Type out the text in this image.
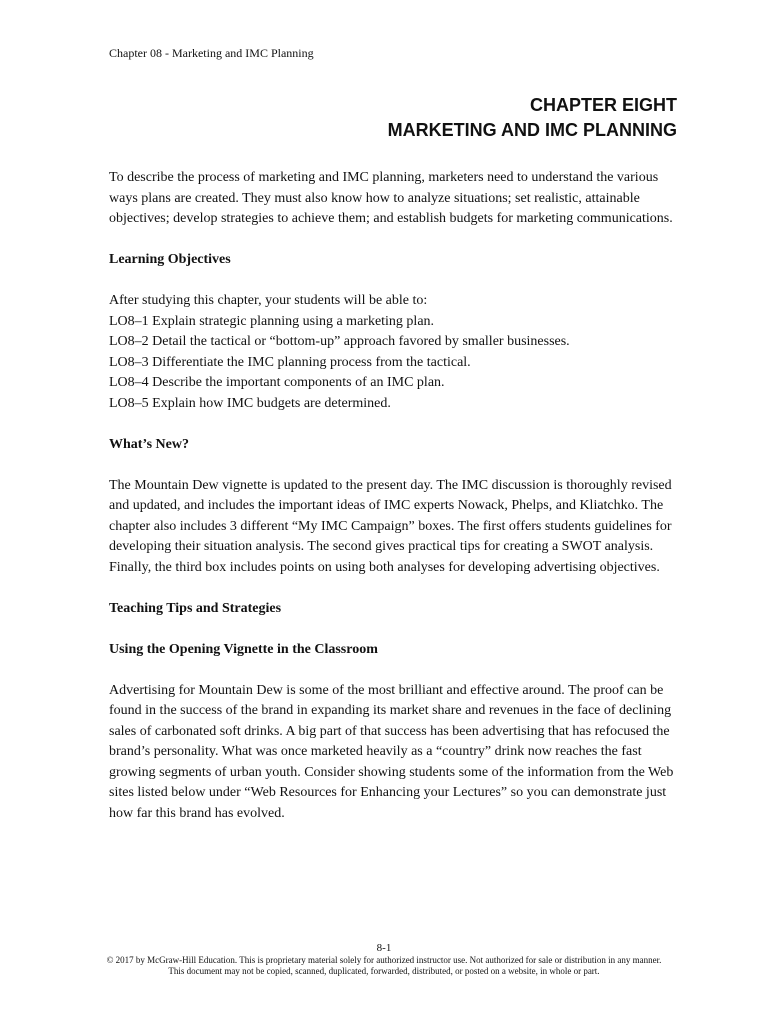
Chapter 08 - Marketing and IMC Planning
CHAPTER EIGHT
MARKETING AND IMC PLANNING

To describe the process of marketing and IMC planning, marketers need to understand the various ways plans are created. They must also know how to analyze situations; set realistic, attainable objectives; develop strategies to achieve them; and establish budgets for marketing communications.

Learning Objectives
After studying this chapter, your students will be able to:
LO8–1 Explain strategic planning using a marketing plan.
LO8–2 Detail the tactical or “bottom-up” approach favored by smaller businesses.
LO8–3 Differentiate the IMC planning process from the tactical.
LO8–4 Describe the important components of an IMC plan.
LO8–5 Explain how IMC budgets are determined.
What’s New?

The Mountain Dew vignette is updated to the present day. The IMC discussion is thoroughly revised and updated, and includes the important ideas of IMC experts Nowack, Phelps, and Kliatchko. The chapter also includes 3 different “My IMC Campaign” boxes. The first offers students guidelines for developing their situation analysis. The second gives practical tips for creating a SWOT analysis. Finally, the third box includes points on using both analyses for developing advertising objectives.

Teaching Tips and Strategies
Using the Opening Vignette in the Classroom

Advertising for Mountain Dew is some of the most brilliant and effective around. The proof can be found in the success of the brand in expanding its market share and revenues in the face of declining sales of carbonated soft drinks. A big part of that success has been advertising that has refocused the brand’s personality. What was once marketed heavily as a “country” drink now reaches the fast growing segments of urban youth. Consider showing students some of the information from the Web sites listed below under “Web Resources for Enhancing your Lectures” so you can demonstrate just how far this brand has evolved.

8-1
© 2017 by McGraw-Hill Education. This is proprietary material solely for authorized instructor use. Not authorized for sale or distribution in any manner. This document may not be copied, scanned, duplicated, forwarded, distributed, or posted on a website, in whole or part.
